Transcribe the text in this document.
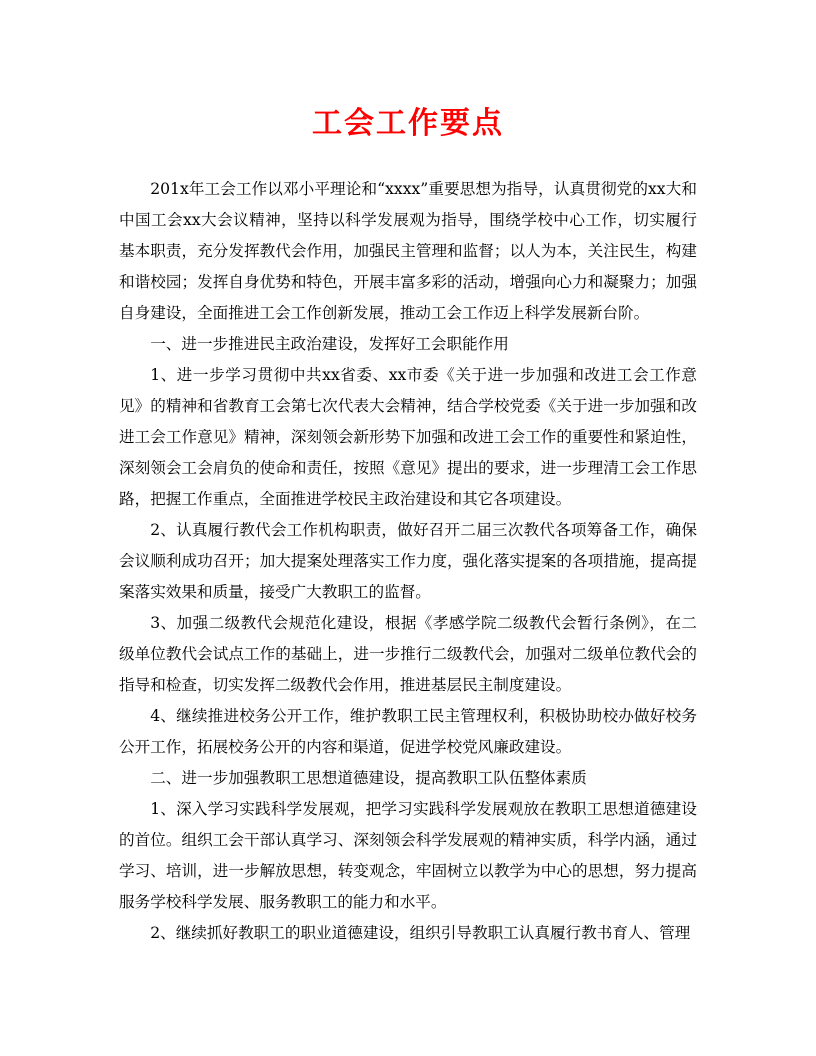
工会工作要点

201x年工会工作以邓小平理论和“xxxx”重要思想为指导，认真贯彻党的xx大和中国工会xx大会议精神，坚持以科学发展观为指导，围绕学校中心工作，切实履行基本职责，充分发挥教代会作用，加强民主管理和监督；以人为本，关注民生，构建和谐校园；发挥自身优势和特色，开展丰富多彩的活动，增强向心力和凝聚力；加强自身建设，全面推进工会工作创新发展，推动工会工作迈上科学发展新台阶。

一、进一步推进民主政治建设，发挥好工会职能作用

1、进一步学习贯彻中共xx省委、xx市委《关于进一步加强和改进工会工作意见》的精神和省教育工会第七次代表大会精神，结合学校党委《关于进一步加强和改进工会工作意见》精神，深刻领会新形势下加强和改进工会工作的重要性和紧迫性，深刻领会工会肩负的使命和责任，按照《意见》提出的要求，进一步理清工会工作思路，把握工作重点，全面推进学校民主政治建设和其它各项建设。

2、认真履行教代会工作机构职责，做好召开二届三次教代各项筹备工作，确保会议顺利成功召开；加大提案处理落实工作力度，强化落实提案的各项措施，提高提案落实效果和质量，接受广大教职工的监督。

3、加强二级教代会规范化建设，根据《孝感学院二级教代会暂行条例》，在二级单位教代会试点工作的基础上，进一步推行二级教代会，加强对二级单位教代会的指导和检查，切实发挥二级教代会作用，推进基层民主制度建设。

4、继续推进校务公开工作，维护教职工民主管理权利，积极协助校办做好校务公开工作，拓展校务公开的内容和渠道，促进学校党风廉政建设。

二、进一步加强教职工思想道德建设，提高教职工队伍整体素质

1、深入学习实践科学发展观，把学习实践科学发展观放在教职工思想道德建设的首位。组织工会干部认真学习、深刻领会科学发展观的精神实质，科学内涵，通过学习、培训，进一步解放思想，转变观念，牢固树立以教学为中心的思想，努力提高服务学校科学发展、服务教职工的能力和水平。

2、继续抓好教职工的职业道德建设，组织引导教职工认真履行教书育人、管理
